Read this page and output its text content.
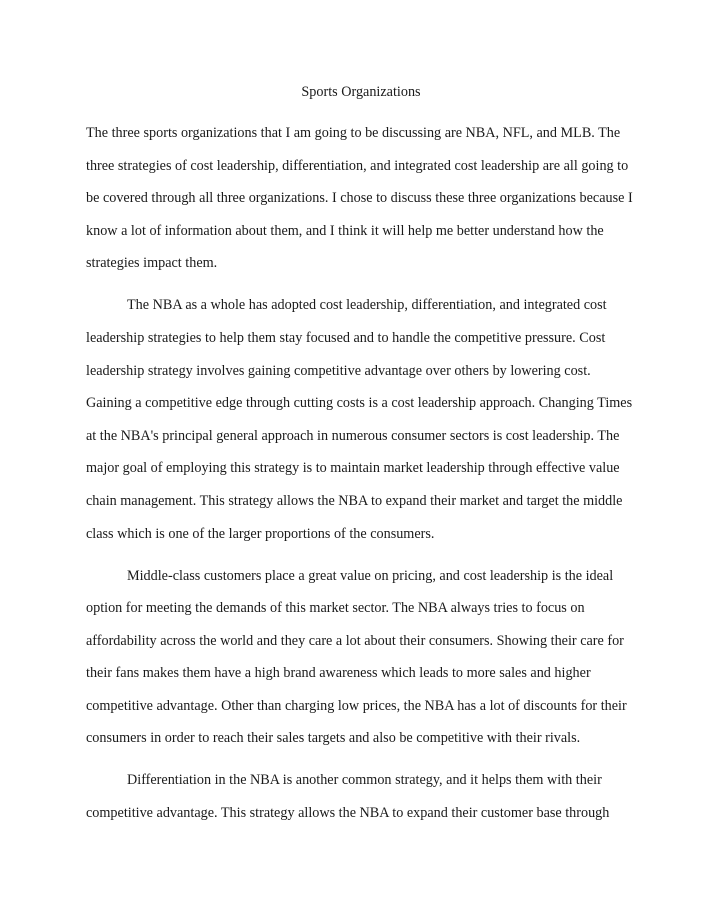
Sports Organizations
The three sports organizations that I am going to be discussing are NBA, NFL, and MLB. The
three strategies of cost leadership, differentiation, and integrated cost leadership are all going to
be covered through all three organizations. I chose to discuss these three organizations because I
know a lot of information about them, and I think it will help me better understand how the
strategies impact them.
The NBA as a whole has adopted cost leadership, differentiation, and integrated cost
leadership strategies to help them stay focused and to handle the competitive pressure. Cost
leadership strategy involves gaining competitive advantage over others by lowering cost.
Gaining a competitive edge through cutting costs is a cost leadership approach. Changing Times
at the NBA's principal general approach in numerous consumer sectors is cost leadership. The
major goal of employing this strategy is to maintain market leadership through effective value
chain management. This strategy allows the NBA to expand their market and target the middle
class which is one of the larger proportions of the consumers.
Middle-class customers place a great value on pricing, and cost leadership is the ideal
option for meeting the demands of this market sector. The NBA always tries to focus on
affordability across the world and they care a lot about their consumers. Showing their care for
their fans makes them have a high brand awareness which leads to more sales and higher
competitive advantage. Other than charging low prices, the NBA has a lot of discounts for their
consumers in order to reach their sales targets and also be competitive with their rivals.
Differentiation in the NBA is another common strategy, and it helps them with their
competitive advantage. This strategy allows the NBA to expand their customer base through
